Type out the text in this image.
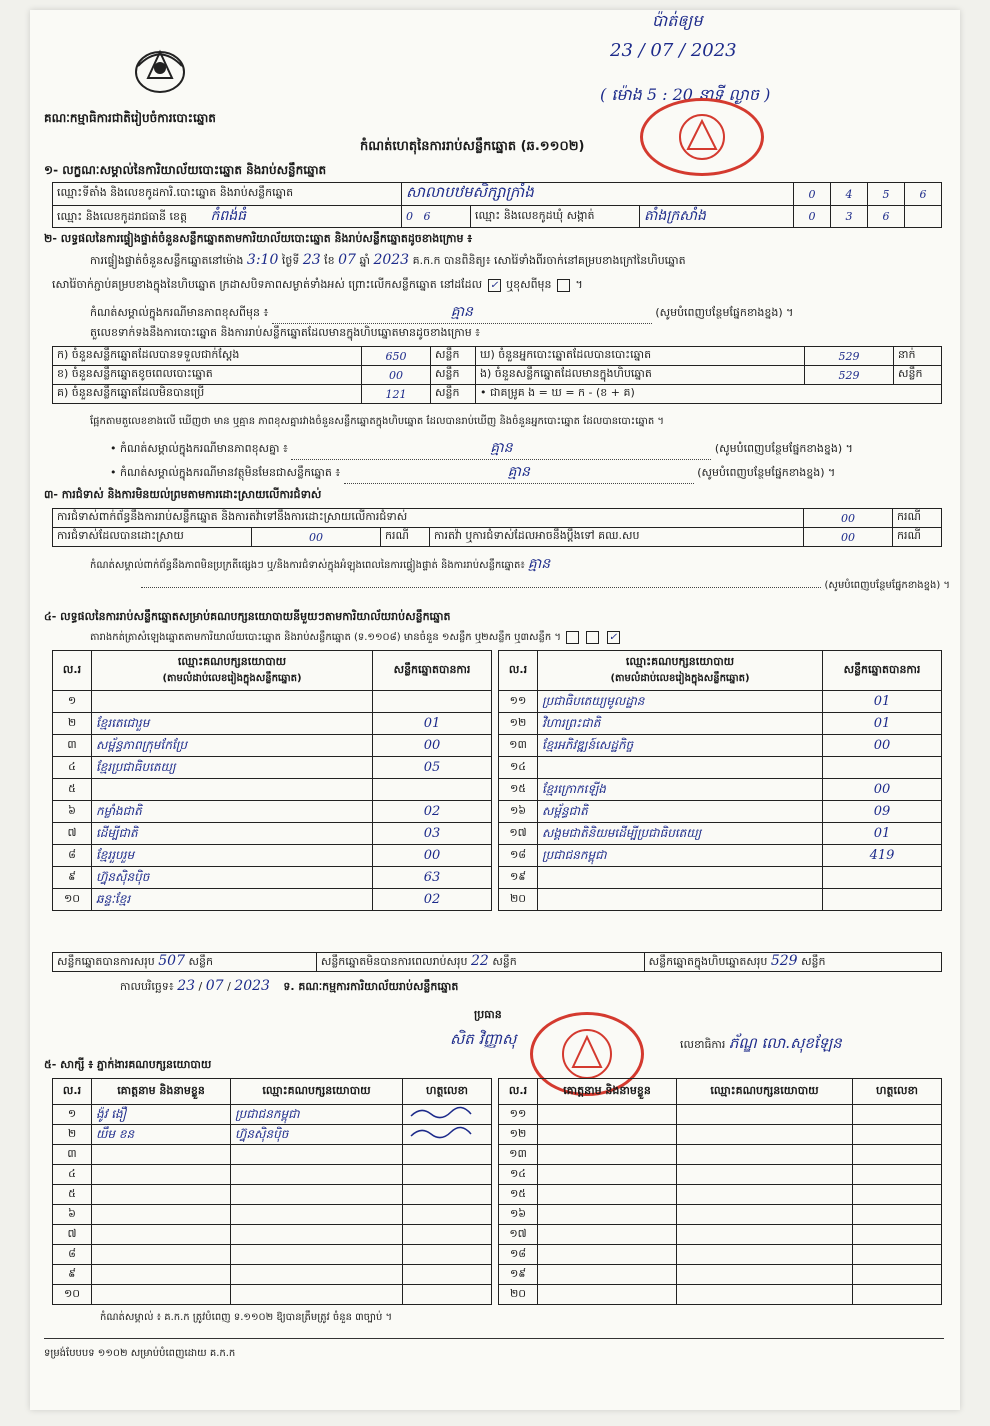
គណៈកម្មាធិការជាតិរៀបចំការបោះឆ្នោត
កំណត់ហេតុនៃការរាប់សន្លឹកឆ្នោត (ឆ.១១០២)
ប៉ាត់ឲ្យម
23 / 07 / 2023
( ម៉ោង 5 : 20 នាទី ល្ងាច )
១- លក្ខណៈសម្គាល់នៃការិយាល័យបោះឆ្នោត និងរាប់សន្លឹកឆ្នោត
ឈ្មោះទីតាំង និងលេខកូដការិ.បោះឆ្នោត និងរាប់សន្លឹកឆ្នោត	សាលាបឋមសិក្សាក្រាំង			0	4	5	6
ឈ្មោះ និងលេខកូដរាជធានី ខេត្ត កំពង់ធំ	0 6	ឈ្មោះ និងលេខកូដឃុំ សង្កាត់	តាំងក្រសាំង	0	3	6	
២- លទ្ធផលនៃការផ្ទៀងផ្ទាត់ចំនួនសន្លឹកឆ្នោតតាមការិយាល័យបោះឆ្នោត និងរាប់សន្លឹកឆ្នោតដូចខាងក្រោម ៖
ការផ្ទៀងផ្ទាត់ចំនួនសន្លឹកឆ្នោតនៅម៉ោង 3:10 ថ្ងៃទី 23 ខែ 07 ឆ្នាំ 2023 គ.ក.ក បានពិនិត្យ៖ សោរ៉ៃទាំងពីរចាក់នៅគម្របខាងក្រៅនៃហិបឆ្នោត
សោរ៉ៃចាក់ភ្ជាប់គម្របខាងក្នុងនៃហិបឆ្នោត ក្រដាសបិទភាពសម្ងាត់ទាំងអស់ ព្រោះលើកសន្លឹកឆ្នោត នៅដដែល ✓ ឬខុសពីមុន  ។
កំណត់សម្គាល់ក្នុងករណីមានភាពខុសពីមុន ៖	គ្មាន	(សូមបំពេញបន្ថែមផ្នែកខាងខ្នង) ។
តួលេខទាក់ទងនឹងការបោះឆ្នោត និងការរាប់សន្លឹកឆ្នោតដែលមានក្នុងហិបឆ្នោតមានដូចខាងក្រោម ៖
ក) ចំនួនសន្លឹកឆ្នោតដែលបានទទួលជាក់ស្តែង	650	សន្លឹក	ឃ) ចំនួនអ្នកបោះឆ្នោតដែលបានបោះឆ្នោត	529	នាក់
ខ) ចំនួនសន្លឹកឆ្នោតខូចពេលបោះឆ្នោត	00	សន្លឹក	ង) ចំនួនសន្លឹកឆ្នោតដែលមានក្នុងហិបឆ្នោត	529	សន្លឹក
គ) ចំនួនសន្លឹកឆ្នោតដែលមិនបានប្រើ	121	សន្លឹក	• ជាគម្រូគ ង = ឃ = ក - (ខ + គ)		
ផ្អែកតាមតួលេខខាងលើ ឃើញថា មាន ឬគ្មាន ភាពខុសគ្នារវាងចំនួនសន្លឹកឆ្នោតក្នុងហិបឆ្នោត ដែលបានរាប់ឃើញ និងចំនួនអ្នកបោះឆ្នោត ដែលបានបោះឆ្នោត ។
• កំណត់សម្គាល់ក្នុងករណីមានភាពខុសគ្នា ៖	គ្មាន	(សូមបំពេញបន្ថែមផ្នែកខាងខ្នង) ។
• កំណត់សម្គាល់ក្នុងករណីមានវត្ថុមិនមែនជាសន្លឹកឆ្នោត ៖	គ្មាន	(សូមបំពេញបន្ថែមផ្នែកខាងខ្នង) ។
៣- ការជំទាស់ និងការមិនយល់ព្រមតាមការដោះស្រាយលើការជំទាស់
ការជំទាស់ពាក់ព័ន្ធនឹងការរាប់សន្លឹកឆ្នោត និងការតវ៉ាទៅនឹងការដោះស្រាយលើការជំទាស់				00	ករណី
ការជំទាស់ដែលបានដោះស្រាយ	00	ករណី	ការតវ៉ា ឬការជំទាស់ដែលអាចនឹងប្តឹងទៅ គឈ.សប	00	ករណី
កំណត់សម្គាល់ពាក់ព័ន្ធនឹងភាពមិនប្រក្រតីផ្សេងៗ ឬ/និងការជំទាស់ក្នុងអំឡុងពេលនៃការផ្ទៀងផ្ទាត់ និងការរាប់សន្លឹកឆ្នោត៖ គ្មាន
(សូមបំពេញបន្ថែមផ្នែកខាងខ្នង) ។
៤- លទ្ធផលនៃការរាប់សន្លឹកឆ្នោតសម្រាប់គណបក្សនយោបាយនីមួយៗតាមការិយាល័យរាប់សន្លឹកឆ្នោត
តារាងកត់ត្រាសំឡេងឆ្នោតតាមការិយាល័យបោះឆ្នោត និងរាប់សន្លឹកឆ្នោត (ទ.១១០៨) មានចំនួន ១សន្លឹក ឬ២សន្លឹក ឬ៣សន្លឹក ។	✓
ល.រ	ឈ្មោះគណបក្សនយោបាយ
(តាមលំដាប់លេខរៀងក្នុងសន្លឹកឆ្នោត)	សន្លឹកឆ្នោតបានការ
១		
២	ខ្មែរតេជោរួម	01
៣	សម្ព័ន្ធភាពក្រុមកែប្រែ	00
៤	ខ្មែរប្រជាធិបតេយ្យ	05
៥		
៦	កម្លាំងជាតិ	02
៧	ដើម្បីជាតិ	03
៨	ខ្មែររួបរួម	00
៩	ហ្វ៊ុនស៊ិនប៉ិច	63
១០	ឆន្ទៈខ្មែរ	02
ល.រ	ឈ្មោះគណបក្សនយោបាយ
(តាមលំដាប់លេខរៀងក្នុងសន្លឹកឆ្នោត)	សន្លឹកឆ្នោតបានការ
១១	ប្រជាធិបតេយ្យមូលដ្ឋាន	01
១២	វិហារព្រះជាតិ	01
១៣	ខ្មែរអភិវឌ្ឍន៍សេដ្ឋកិច្ច	00
១៤		
១៥	ខ្មែរក្រោកឡើង	00
១៦	សម្ព័ន្ធជាតិ	09
១៧	សង្គមជាតិនិយមដើម្បីប្រជាធិបតេយ្យ	01
១៨	ប្រជាជនកម្ពុជា	419
១៩		
២០		
សន្លឹកឆ្នោតបានការសរុប 507 សន្លឹក	សន្លឹកឆ្នោតមិនបានការពេលរាប់សរុប 22 សន្លឹក	សន្លឹកឆ្នោតក្នុងហិបឆ្នោតសរុប 529 សន្លឹក
កាលបរិច្ឆេទ៖ 23 / 07 / 2023 ទ. គណៈកម្មការការិយាល័យរាប់សន្លឹកឆ្នោត
ប្រធាន
សិត វិញ្ញាសុ	លេខាធិការ ភ័ណ្ឌ លោ.សុខឡែន
៥- សាក្សី ៖ ភ្នាក់ងារគណបក្សនយោបាយ
ល.រ	គោត្តនាម និងនាមខ្លួន	ឈ្មោះគណបក្សនយោបាយ	ហត្ថលេខា
១	ង៉ូវ ងឿ	ប្រជាជនកម្ពុជា	
២	យឹម ខន	ហ្វ៊ុនស៊ិនប៉ិច	
៣			
៤			
៥			
៦			
៧			
៨			
៩			
១០			
ល.រ	គោត្តនាម និងនាមខ្លួន	ឈ្មោះគណបក្សនយោបាយ	ហត្ថលេខា
១១			
១២			
១៣			
១៤			
១៥			
១៦			
១៧			
១៨			
១៩			
២០			
កំណត់សម្គាល់ ៖ គ.ក.ក ត្រូវបំពេញ ទ.១១០២ ឱ្យបានត្រឹមត្រូវ ចំនួន ៣ច្បាប់ ។
ទម្រង់បែបបទ ១១០២ សម្រាប់បំពេញដោយ គ.ក.ក
